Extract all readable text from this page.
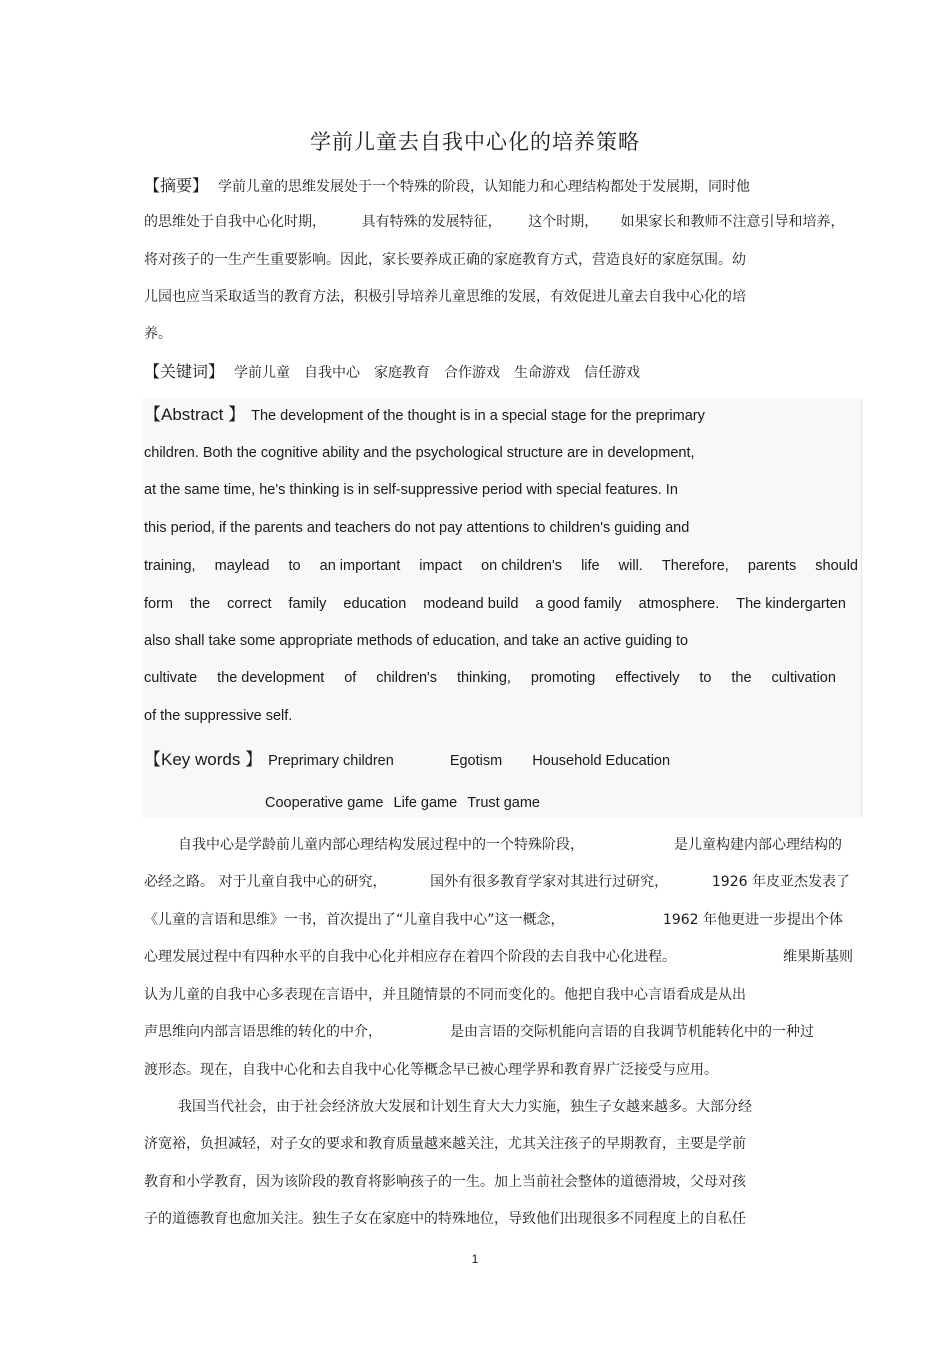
学前儿童去自我中心化的培养策略
【摘要】 学前儿童的思维发展处于一个特殊的阶段，认知能力和心理结构都处于发展期，同时他
的思维处于自我中心化时期，        具有特殊的发展特征，      这个时期，     如果家长和教师不注意引导和培养，
将对孩子的一生产生重要影响。因此，家长要养成正确的家庭教育方式，营造良好的家庭氛围。幼
儿园也应当采取适当的教育方法，积极引导培养儿童思维的发展，有效促进儿童去自我中心化的培
养。
【关键词】 学前儿童 自我中心 家庭教育 合作游戏 生命游戏 信任游戏
【Abstract 】 The development of the thought is in a special stage for the preprimary
children. Both the cognitive ability and the psychological structure are in development,
at the same time, he's thinking is in self-suppressive period with special features. In
this period, if the parents and teachers do not pay attentions to children's guiding and
training, maylead to an important impact on children's life will. Therefore, parents should
form the correct family education modeand build a good family atmosphere. The kindergarten
also shall take some appropriate methods of education, and take an active guiding to
cultivate the development of children's thinking, promoting effectively to the cultivation
of the suppressive self.
【Key words 】 Preprimary children	Egotism Household Education
Cooperative game Life game Trust game
自我中心是学龄前儿童内部心理结构发展过程中的一个特殊阶段，	是儿童构建内部心理结构的
必经之路。 对于儿童自我中心的研究，	国外有很多教育学家对其进行过研究，	1926 年皮亚杰发表了
《儿童的言语和思维》一书，首次提出了“儿童自我中心”这一概念，	1962 年他更进一步提出个体
心理发展过程中有四种水平的自我中心化并相应存在着四个阶段的去自我中心化进程。	维果斯基则
认为儿童的自我中心多表现在言语中，并且随情景的不同而变化的。他把自我中心言语看成是从出
声思维向内部言语思维的转化的中介，	是由言语的交际机能向言语的自我调节机能转化中的一种过
渡形态。现在，自我中心化和去自我中心化等概念早已被心理学界和教育界广泛接受与应用。
我国当代社会，由于社会经济放大发展和计划生育大大力实施，独生子女越来越多。大部分经
济宽裕，负担减轻，对子女的要求和教育质量越来越关注，尤其关注孩子的早期教育，主要是学前
教育和小学教育，因为该阶段的教育将影响孩子的一生。加上当前社会整体的道德滑坡，父母对孩
子的道德教育也愈加关注。独生子女在家庭中的特殊地位，导致他们出现很多不同程度上的自私任
1
